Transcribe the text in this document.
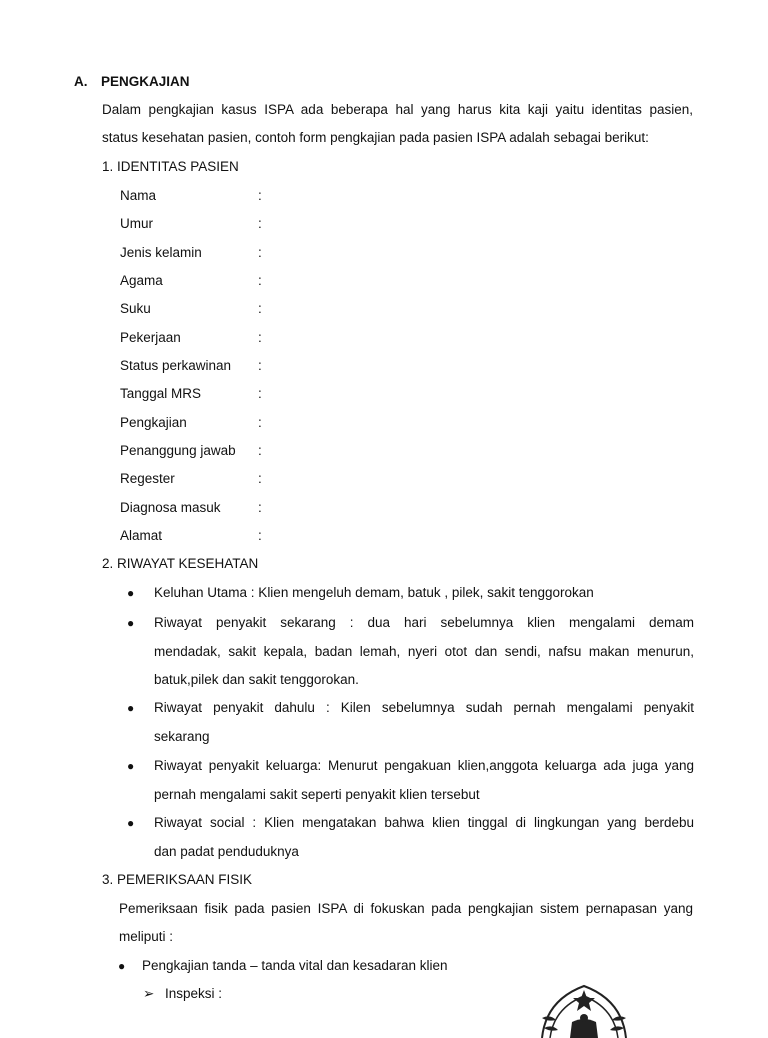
A. PENGKAJIAN
Dalam pengkajian kasus ISPA ada beberapa hal yang harus kita kaji yaitu identitas pasien,
status kesehatan pasien, contoh form pengkajian pada pasien ISPA adalah sebagai berikut:
1. IDENTITAS PASIEN
Nama	:
Umur	:
Jenis kelamin	:
Agama	:
Suku	:
Pekerjaan	:
Status perkawinan :
Tanggal MRS	:
Pengkajian	:
Penanggung jawab :
Regester	:
Diagnosa masuk	:
Alamat	:
2. RIWAYAT KESEHATAN
● Keluhan Utama : Klien mengeluh demam, batuk , pilek, sakit tenggorokan
● Riwayat penyakit sekarang : dua hari sebelumnya klien mengalami demam
mendadak, sakit kepala, badan lemah, nyeri otot dan sendi, nafsu makan menurun,
batuk,pilek dan sakit tenggorokan.
● Riwayat penyakit dahulu : Kilen sebelumnya sudah pernah mengalami penyakit
sekarang
● Riwayat penyakit keluarga: Menurut pengakuan klien,anggota keluarga ada juga yang
pernah mengalami sakit seperti penyakit klien tersebut
● Riwayat social : Klien mengatakan bahwa klien tinggal di lingkungan yang berdebu
dan padat penduduknya
3. PEMERIKSAAN FISIK
Pemeriksaan fisik pada pasien ISPA di fokuskan pada pengkajian sistem pernapasan yang
meliputi :
● Pengkajian tanda – tanda vital dan kesadaran klien
➢ Inspeksi :
